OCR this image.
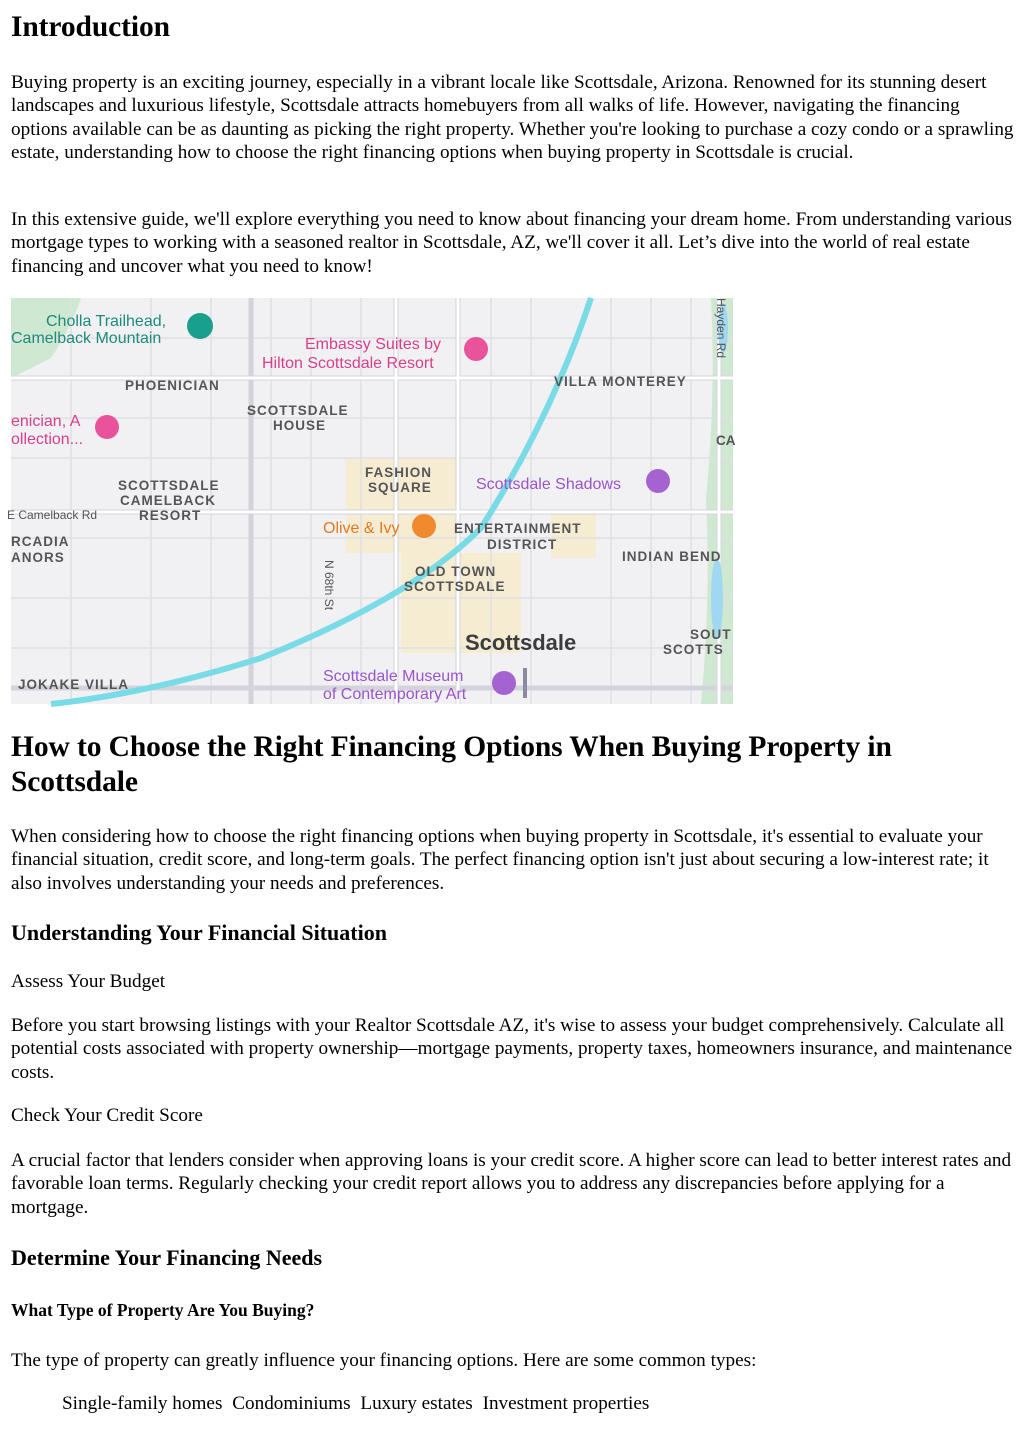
Introduction

Buying property is an exciting journey, especially in a vibrant locale like Scottsdale, Arizona. Renowned for its stunning desert landscapes and luxurious lifestyle, Scottsdale attracts homebuyers from all walks of life. However, navigating the financing options available can be as daunting as picking the right property. Whether you're looking to purchase a cozy condo or a sprawling estate, understanding how to choose the right financing options when buying property in Scottsdale is crucial.

In this extensive guide, we'll explore everything you need to know about financing your dream home. From understanding various mortgage types to working with a seasoned realtor in Scottsdale, AZ, we'll cover it all. Let’s dive into the world of real estate financing and uncover what you need to know!

Cholla Trailhead,
Camelback Mountain	Embassy Suites by
Hilton Scottsdale Resort
PHOENICIAN	VILLA MONTEREY
Hayden Rd
enician, A
ollection...
SCOTTSDALE
HOUSE
CA
FASHION
SQUARE	Scottsdale Shadows
SCOTTSDALE
CAMELBACK
RESORT
E Camelback Rd
Olive & Ivy	ENTERTAINMENT
DISTRICT
RCADIA
ANORS	INDIAN BEND
N 68th St	OLD TOWN
SCOTTSDALE
Scottsdale	SOUT
SCOTTS
Scottsdale Museum
of Contemporary Art
JOKAKE VILLA
How to Choose the Right Financing Options When Buying Property in Scottsdale

When considering how to choose the right financing options when buying property in Scottsdale, it's essential to evaluate your financial situation, credit score, and long-term goals. The perfect financing option isn't just about securing a low-interest rate; it also involves understanding your needs and preferences.

Understanding Your Financial Situation

Assess Your Budget

Before you start browsing listings with your Realtor Scottsdale AZ, it's wise to assess your budget comprehensively. Calculate all potential costs associated with property ownership—mortgage payments, property taxes, homeowners insurance, and maintenance costs.

Check Your Credit Score

A crucial factor that lenders consider when approving loans is your credit score. A higher score can lead to better interest rates and favorable loan terms. Regularly checking your credit report allows you to address any discrepancies before applying for a mortgage.

Determine Your Financing Needs
What Type of Property Are You Buying?

The type of property can greatly influence your financing options. Here are some common types:

Single-family homes Condominiums Luxury estates Investment properties
